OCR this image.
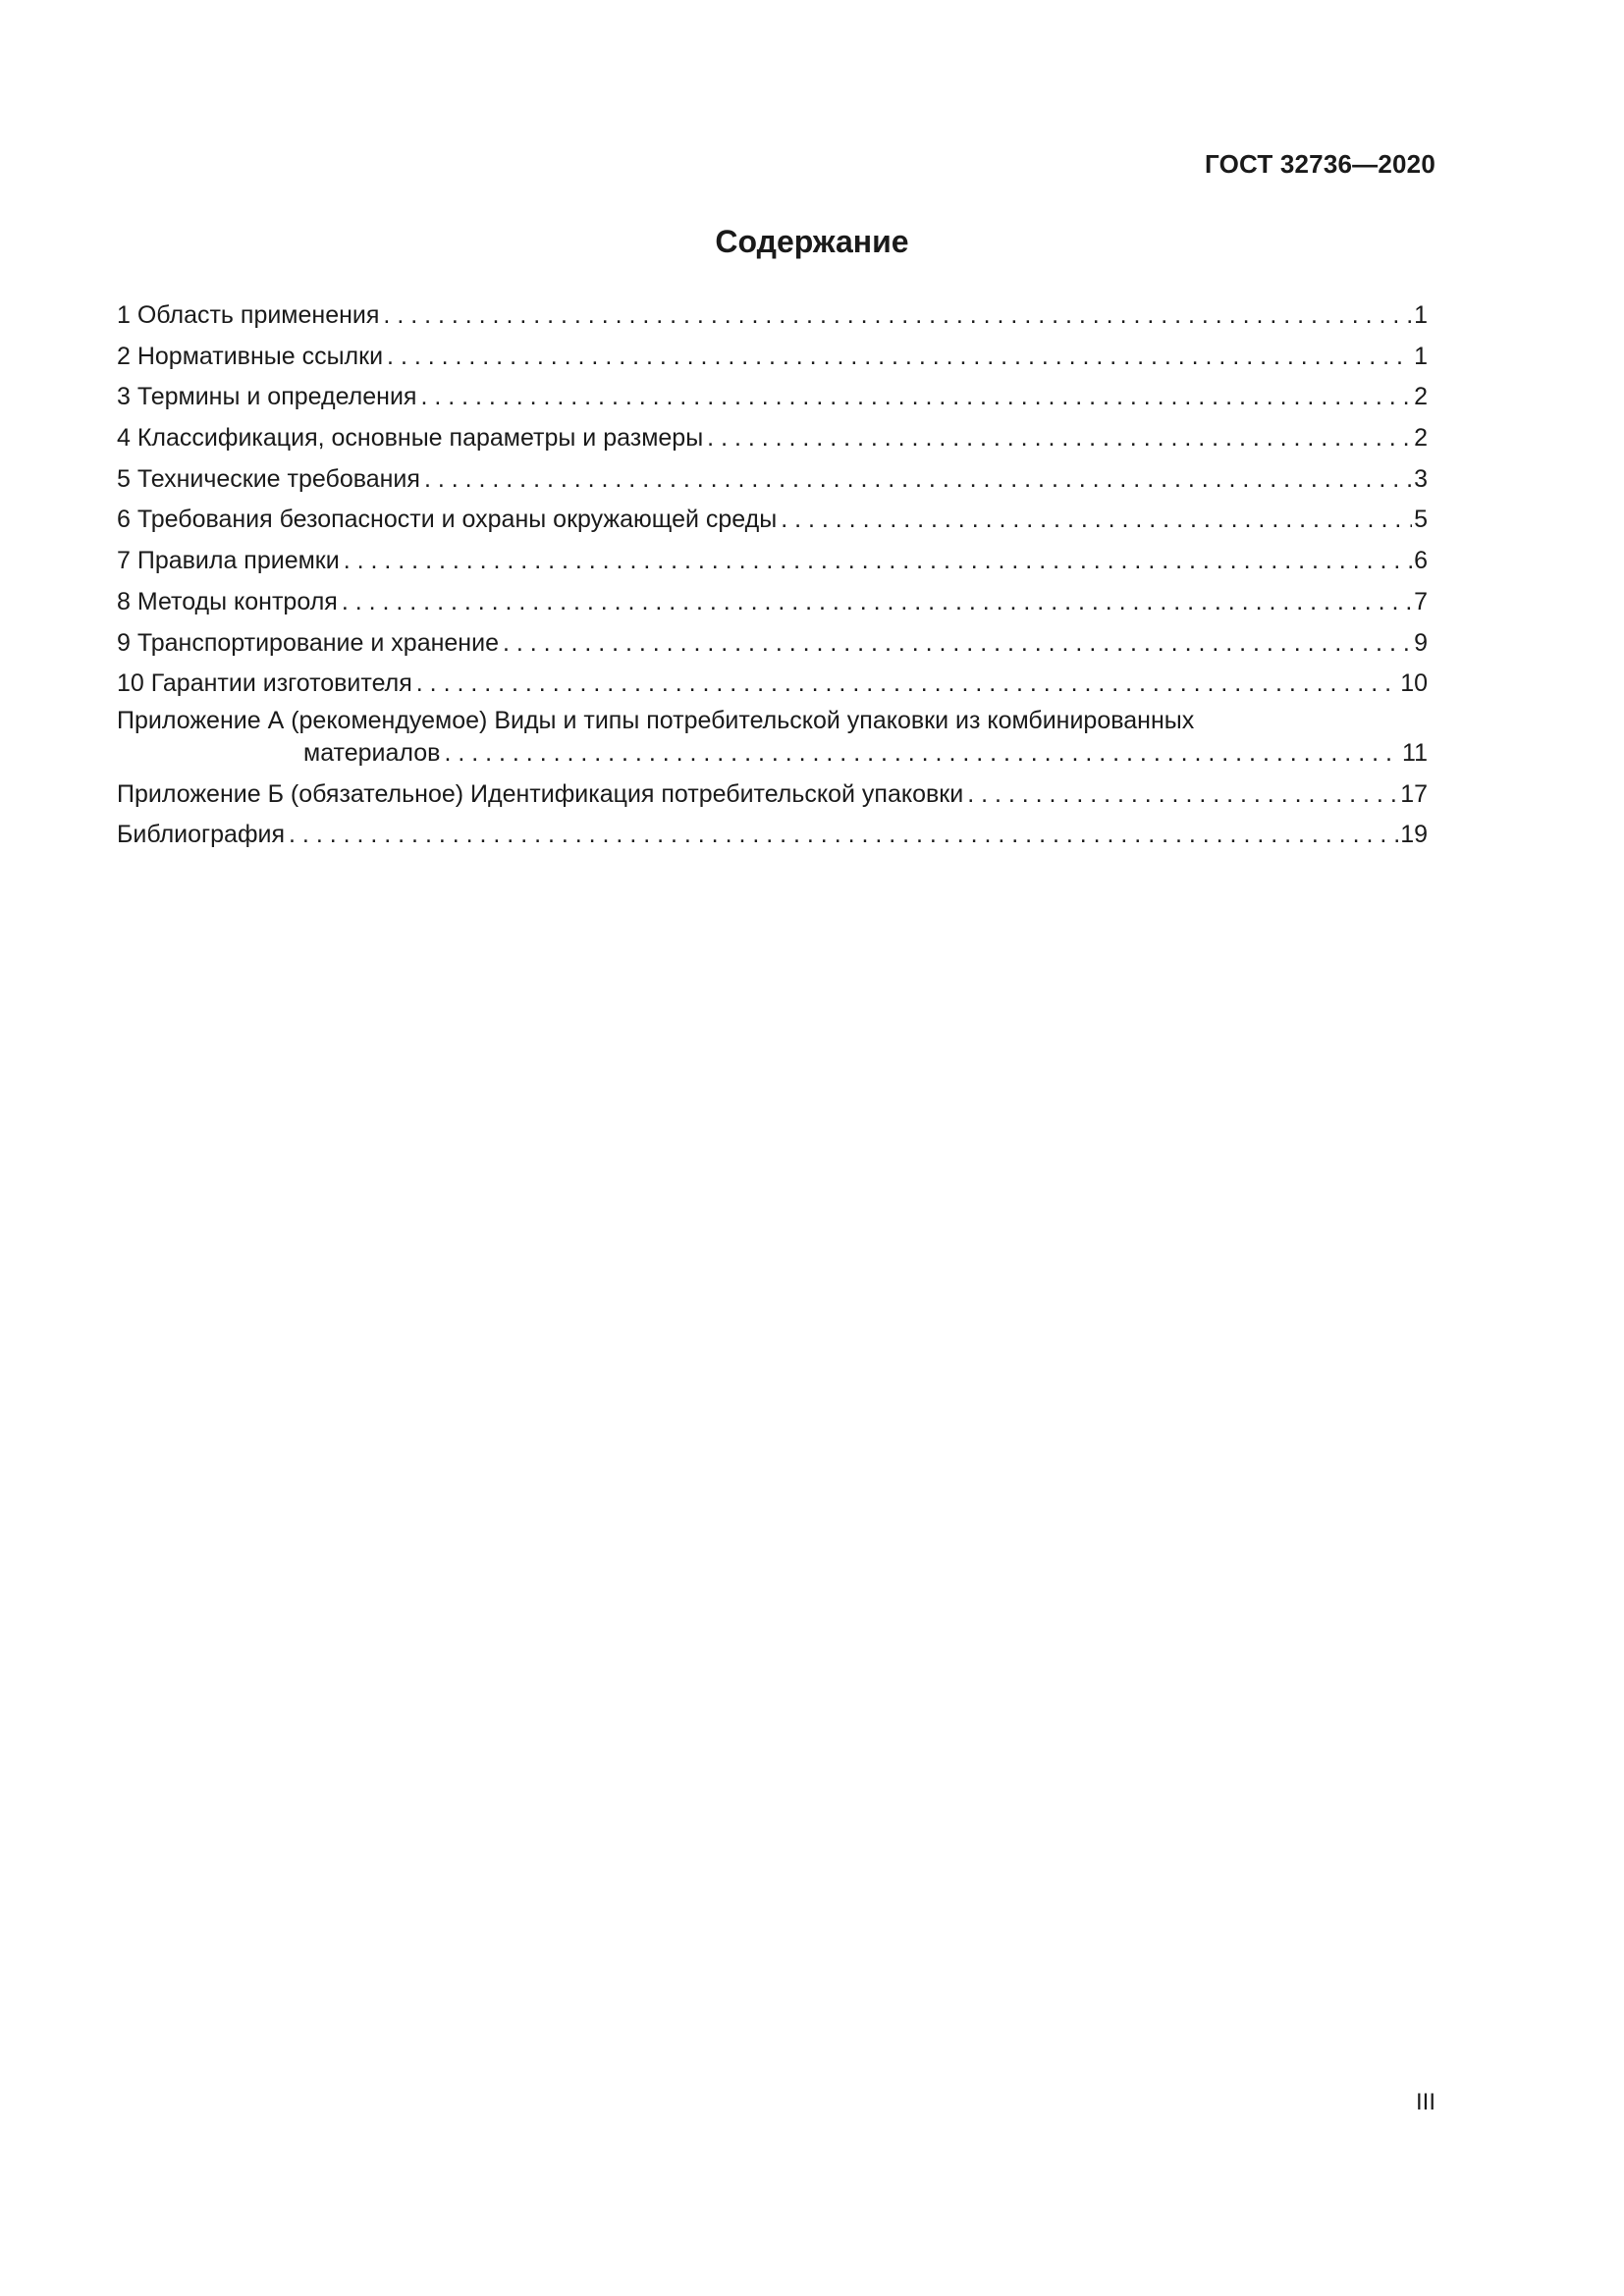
ГОСТ 32736—2020
Содержание
1 Область применения . . .	1
2 Нормативные ссылки . . .	1
3 Термины и определения . . .	2
4 Классификация, основные параметры и размеры . . .	2
5 Технические требования . . .	3
6 Требования безопасности и охраны окружающей среды . . .	5
7 Правила приемки . . .	6
8 Методы контроля . . .	7
9 Транспортирование и хранение . . .	9
10 Гарантии изготовителя . . .	10
Приложение А (рекомендуемое) Виды и типы потребительской упаковки из комбинированных
материалов . . .	11
Приложение Б (обязательное) Идентификация потребительской упаковки . . .	17
Библиография . . .	19
III
